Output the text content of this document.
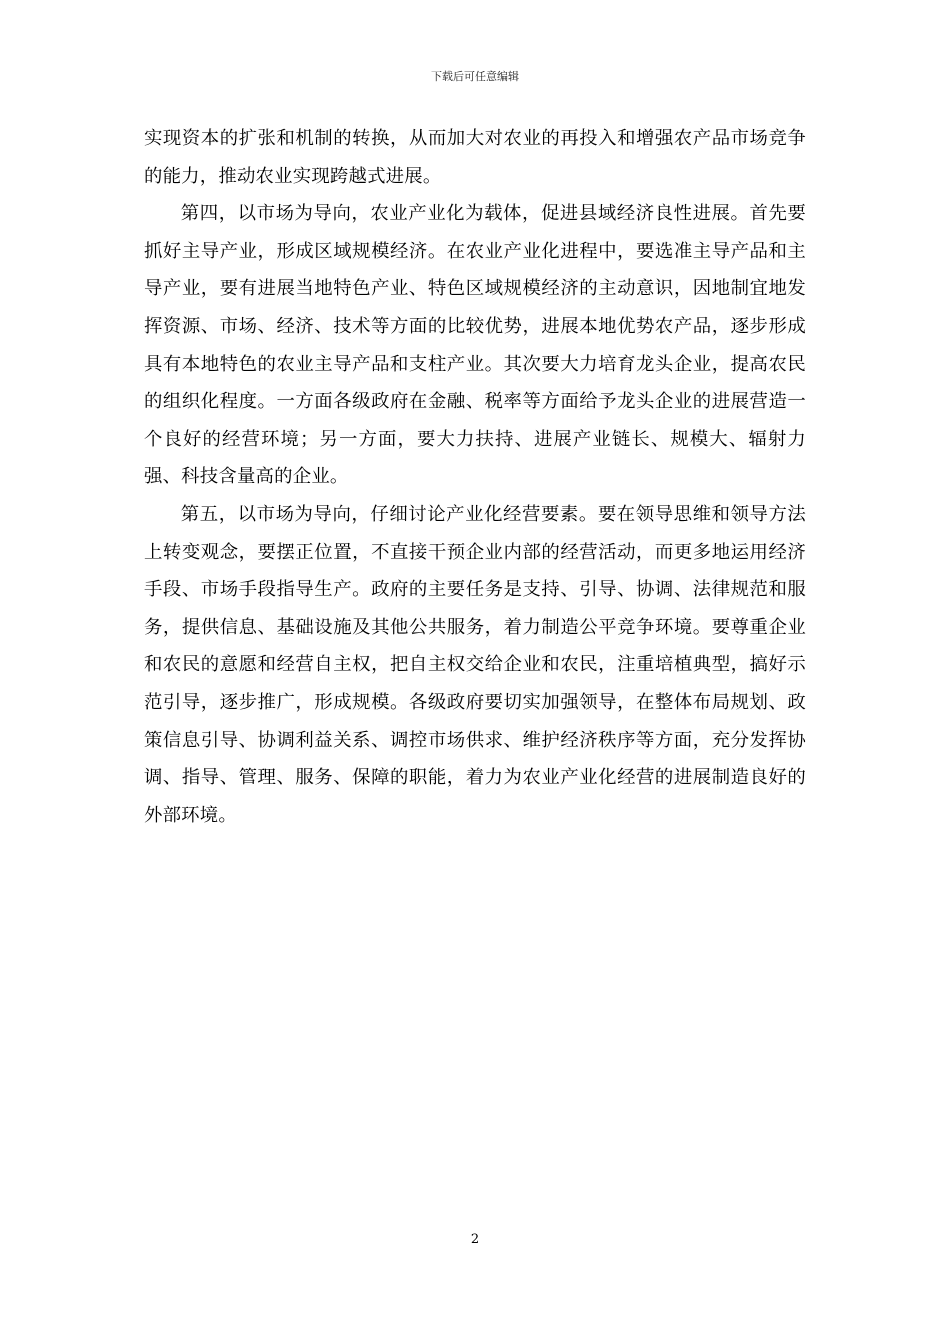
下载后可任意编辑

实现资本的扩张和机制的转换，从而加大对农业的再投入和增强农产品市场竞争的能力，推动农业实现跨越式进展。

第四，以市场为导向，农业产业化为载体，促进县域经济良性进展。首先要抓好主导产业，形成区域规模经济。在农业产业化进程中，要选准主导产品和主导产业，要有进展当地特色产业、特色区域规模经济的主动意识，因地制宜地发挥资源、市场、经济、技术等方面的比较优势，进展本地优势农产品，逐步形成具有本地特色的农业主导产品和支柱产业。其次要大力培育龙头企业，提高农民的组织化程度。一方面各级政府在金融、税率等方面给予龙头企业的进展营造一个良好的经营环境；另一方面，要大力扶持、进展产业链长、规模大、辐射力强、科技含量高的企业。

第五，以市场为导向，仔细讨论产业化经营要素。要在领导思维和领导方法上转变观念，要摆正位置，不直接干预企业内部的经营活动，而更多地运用经济手段、市场手段指导生产。政府的主要任务是支持、引导、协调、法律规范和服务，提供信息、基础设施及其他公共服务，着力制造公平竞争环境。要尊重企业和农民的意愿和经营自主权，把自主权交给企业和农民，注重培植典型，搞好示范引导，逐步推广，形成规模。各级政府要切实加强领导，在整体布局规划、政策信息引导、协调利益关系、调控市场供求、维护经济秩序等方面，充分发挥协调、指导、管理、服务、保障的职能，着力为农业产业化经营的进展制造良好的外部环境。

2
